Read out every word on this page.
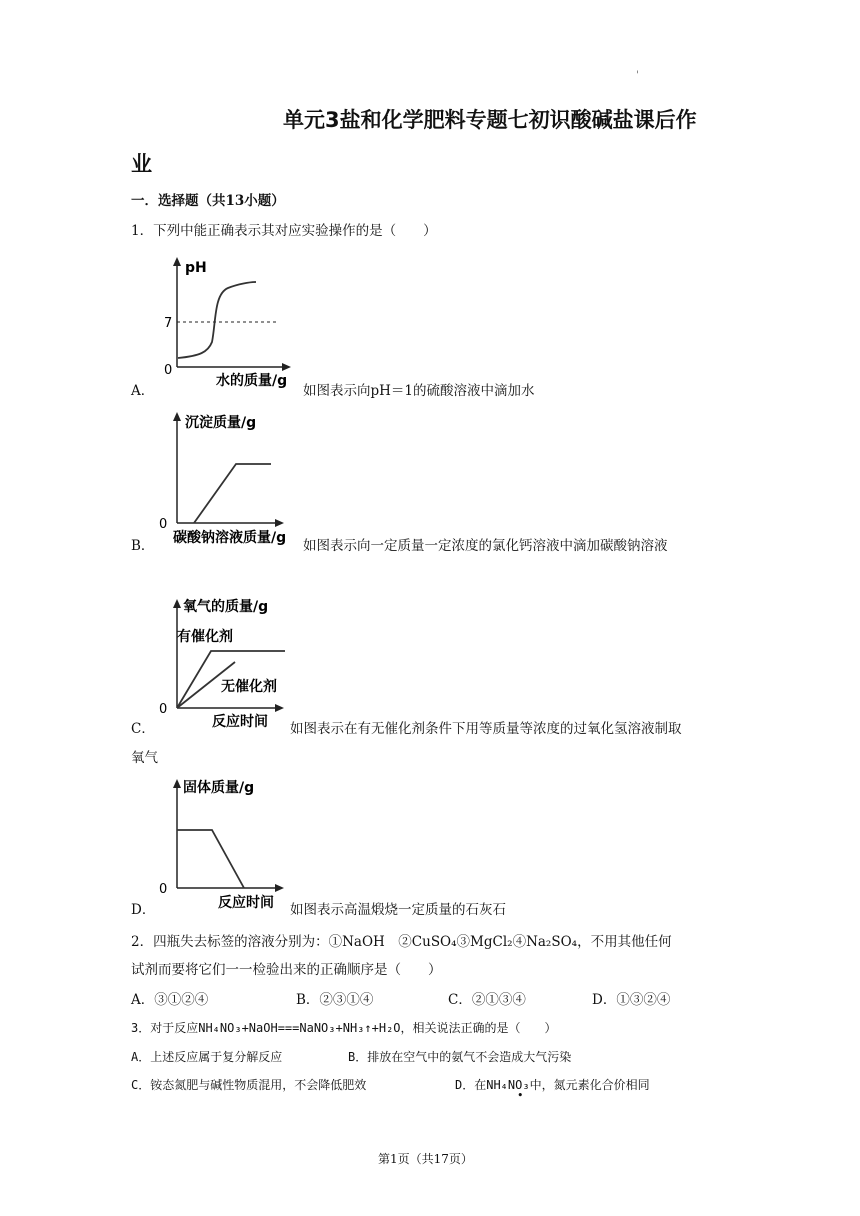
'
单元3盐和化学肥料专题七初识酸碱盐课后作
业
一．选择题（共13小题）
1．下列中能正确表示其对应实验操作的是（　　）
pH
7
0
水的质量/g
A．	如图表示向pH＝1的硫酸溶液中滴加水
沉淀质量/g
0
碳酸钠溶液质量/g
B．	如图表示向一定质量一定浓度的氯化钙溶液中滴加碳酸钠溶液
氧气的质量/g
有催化剂
无催化剂
0
反应时间
C．	如图表示在有无催化剂条件下用等质量等浓度的过氧化氢溶液制取
氧气
固体质量/g
0
反应时间
D．	如图表示高温煅烧一定质量的石灰石
2．四瓶失去标签的溶液分别为：①NaOH　②CuSO₄③MgCl₂④Na₂SO₄，不用其他任何
试剂而要将它们一一检验出来的正确顺序是（　　）
A．③①②④	B．②③①④	C．②①③④	D．①③②④
3．对于反应NH₄NO₃+NaOH===NaNO₃+NH₃↑+H₂O，相关说法正确的是（　　）
A．上述反应属于复分解反应	B．排放在空气中的氨气不会造成大气污染
C．铵态氮肥与碱性物质混用，不会降低肥效	D．在NH₄NO₃中，氮元素化合价相同
•
第1页（共17页）
